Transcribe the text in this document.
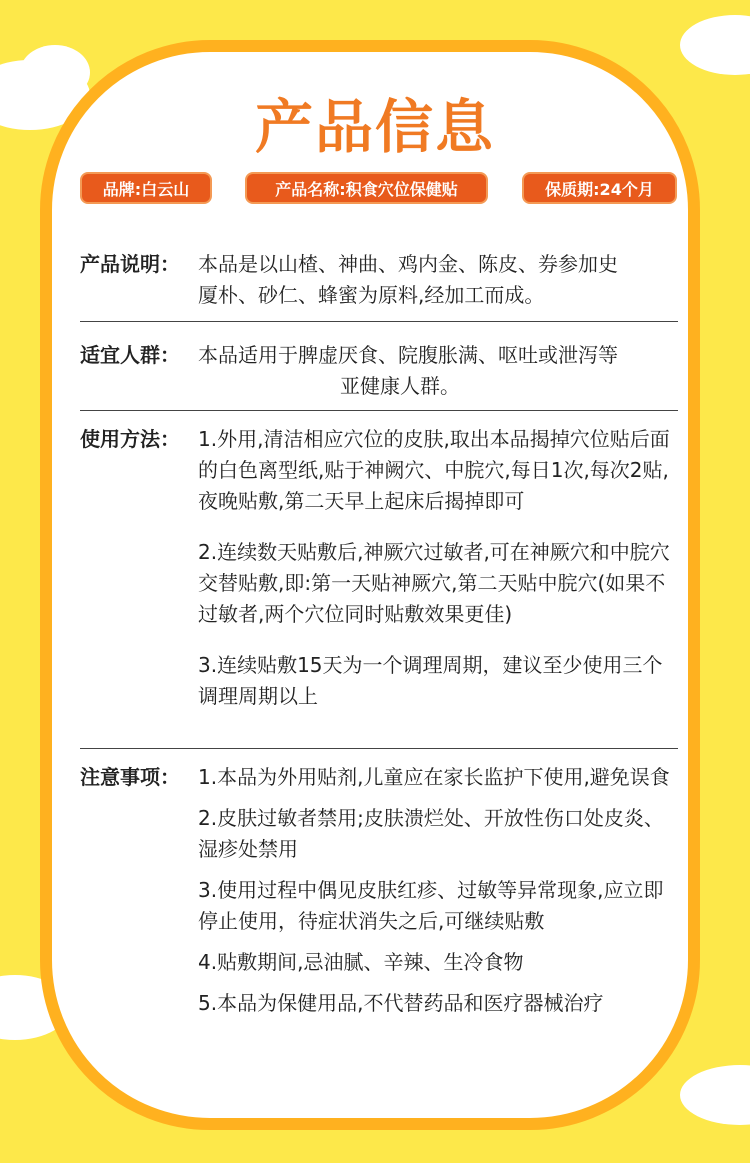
产品信息
品牌:白云山	产品名称:积食穴位保健贴	保质期:24个月
产品说明： 本品是以山楂、神曲、鸡内金、陈皮、券参加史
厦朴、砂仁、蜂蜜为原料,经加工而成。
适宜人群： 本品适用于脾虚厌食、院腹胀满、呕吐或泄泻等
亚健康人群。
使用方法： 1.外用,清洁相应穴位的皮肤,取出本品揭掉穴位贴后面的白色离型纸,贴于神阙穴、中脘穴,每日1次,每次2贴,夜晚贴敷,第二天早上起床后揭掉即可

2.连续数天贴敷后,神厥穴过敏者,可在神厥穴和中脘穴交替贴敷,即:第一天贴神厥穴,第二天贴中脘穴(如果不过敏者,两个穴位同时贴敷效果更佳)

3.连续贴敷15天为一个调理周期，建议至少使用三个调理周期以上

注意事项： 1.本品为外用贴剂,儿童应在家长监护下使用,避免误食

2.皮肤过敏者禁用;皮肤溃烂处、开放性伤口处皮炎、湿疹处禁用

3.使用过程中偶见皮肤红疹、过敏等异常现象,应立即停止使用，待症状消失之后,可继续贴敷

4.贴敷期间,忌油腻、辛辣、生冷食物

5.本品为保健用品,不代替药品和医疗器械治疗
